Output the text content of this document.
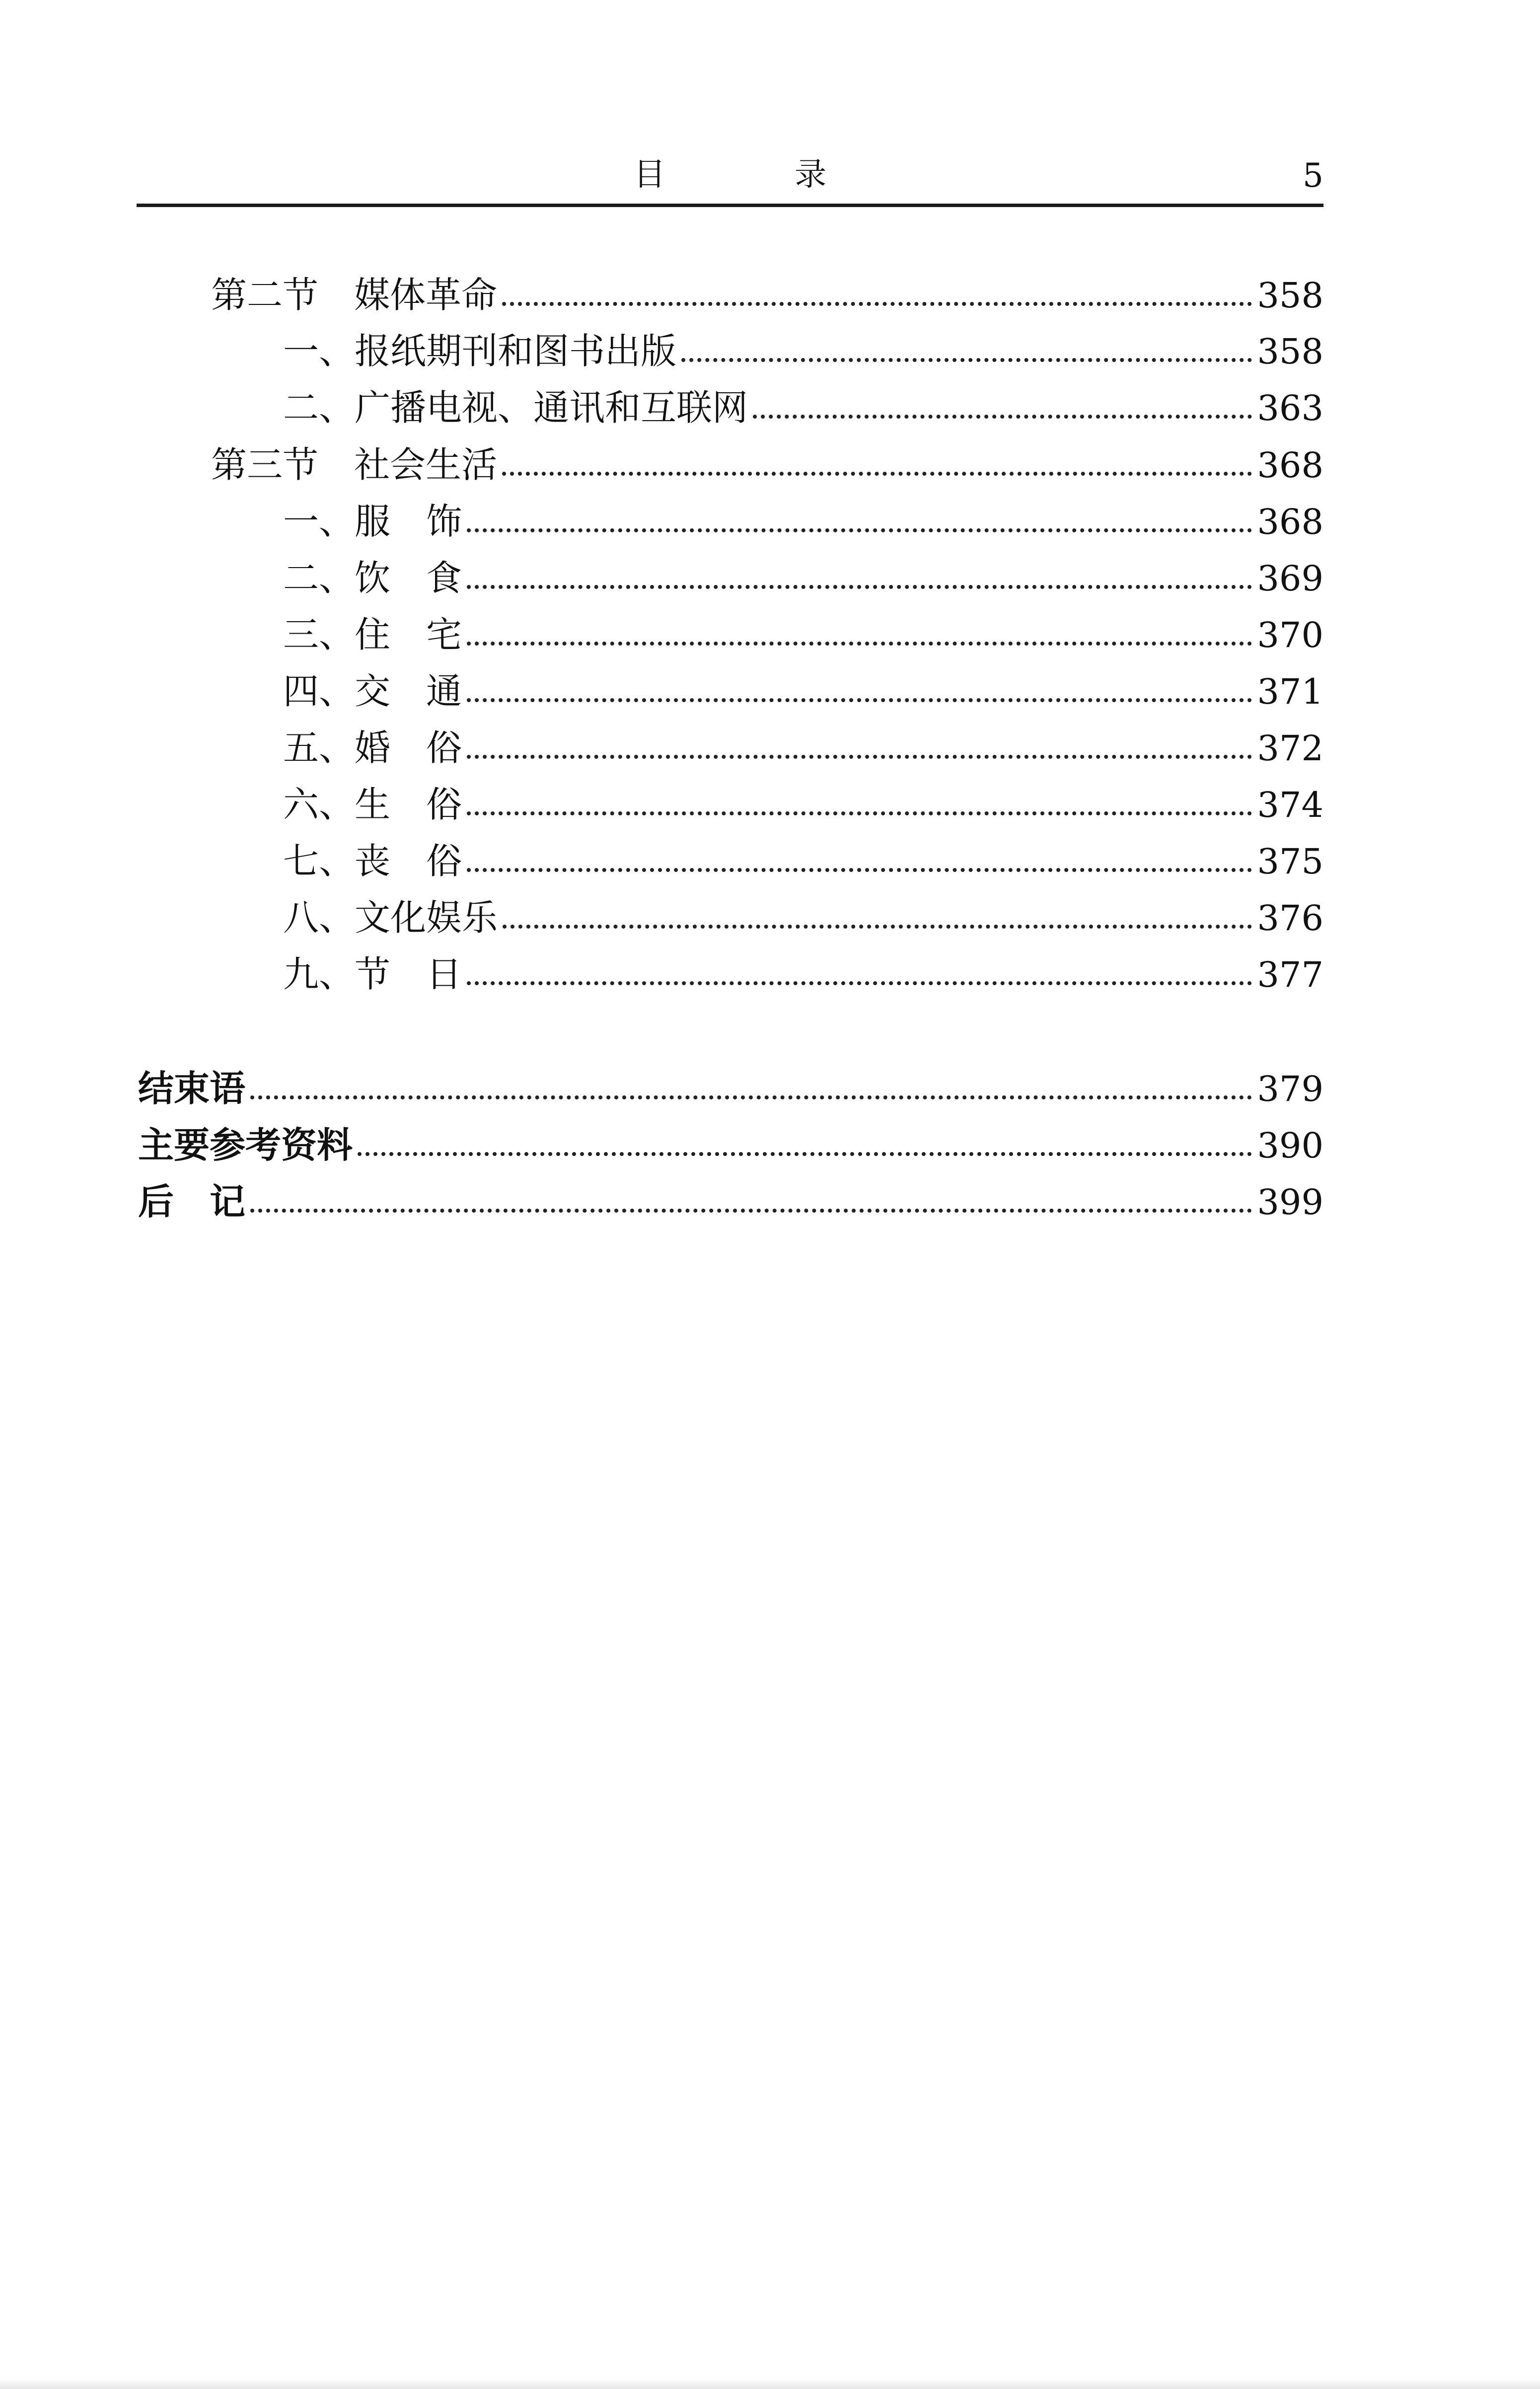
目 录	5
第二节　媒体革命	358
一、报纸期刊和图书出版	358
二、广播电视、通讯和互联网	363
第三节　社会生活	368
一、服　饰	368
二、饮　食	369
三、住　宅	370
四、交　通	371
五、婚　俗	372
六、生　俗	374
七、丧　俗	375
八、文化娱乐	376
九、节　日	377
结束语	379
主要参考资料	390
后　记	399
